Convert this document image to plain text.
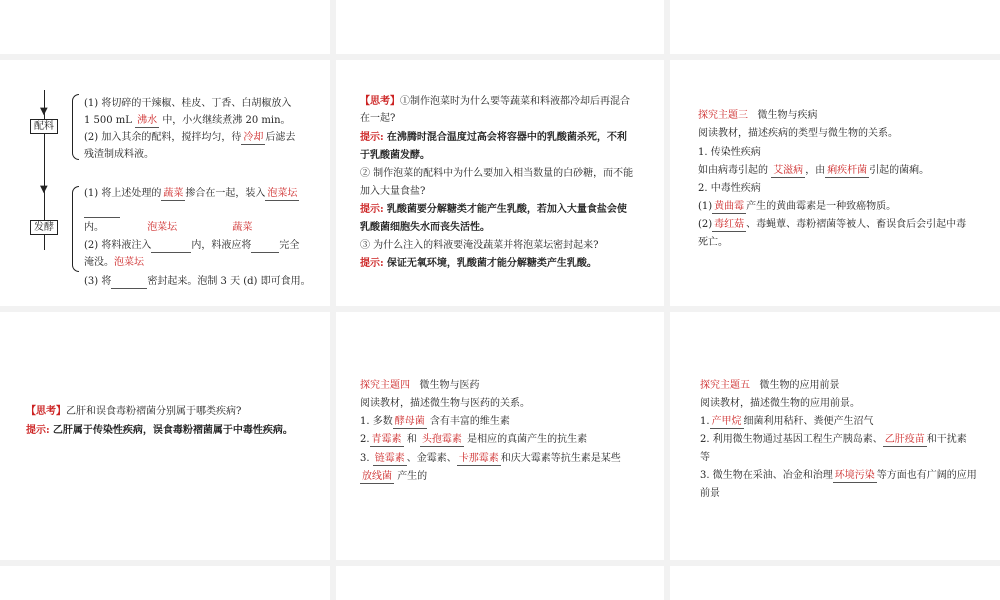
▼
▼
配料
发酵
(1) 将切碎的干辣椒、桂皮、丁香、白胡椒放入
1 500 mL 沸水 中，小火继续煮沸 20 min。
(2) 加入其余的配料，搅拌均匀，待 冷却 后滤去
残渣制成料液。
(1) 将上述处理的 蔬菜 掺合在一起，装入 泡菜坛

内。	泡菜坛	蔬菜
(2) 将料液注入	内，料液应将	完全
淹没。泡菜坛
(3) 将	密封起来。泡制 3 天 (d) 即可食用。
【思考】①制作泡菜时为什么要等蔬菜和料液都冷却后再混合
在一起?
提示: 在沸腾时混合温度过高会将容器中的乳酸菌杀死，不利
于乳酸菌发酵。
② 制作泡菜的配料中为什么要加入相当数量的白砂糖，而不能
加入大量食盐?
提示: 乳酸菌要分解糖类才能产生乳酸，若加入大量食盐会使
乳酸菌细胞失水而丧失活性。
③ 为什么注入的料液要淹没蔬菜并将泡菜坛密封起来?
提示: 保证无氧环境，乳酸菌才能分解糖类产生乳酸。
探究主题三 微生物与疾病
阅读教材，描述疾病的类型与微生物的关系。
1. 传染性疾病
如由病毒引起的 艾滋病 ，由 痢疾杆菌 引起的菌痢。
2. 中毒性疾病
(1) 黄曲霉 产生的黄曲霉素是一种致癌物质。
(2) 毒红菇 、毒蝇蕈、毒粉褶菌等被人、畜误食后会引起中毒
死亡。
【思考】乙肝和误食毒粉褶菌分别属于哪类疾病?
提示: 乙肝属于传染性疾病，误食毒粉褶菌属于中毒性疾病。
探究主题四 微生物与医药
阅读教材，描述微生物与医药的关系。
1. 多数 酵母菌 含有丰富的维生素
2. 青霉素 和 头孢霉素 是相应的真菌产生的抗生素
3. 链霉素 、金霉素、 卡那霉素 和庆大霉素等抗生素是某些
放线菌 产生的
探究主题五 微生物的应用前景
阅读教材，描述微生物的应用前景。
1. 产甲烷 细菌利用秸秆、粪便产生沼气
2. 利用微生物通过基因工程生产胰岛素、 乙肝疫苗 和干扰素
等
3. 微生物在采油、冶金和治理 环境污染 等方面也有广阔的应用
前景
